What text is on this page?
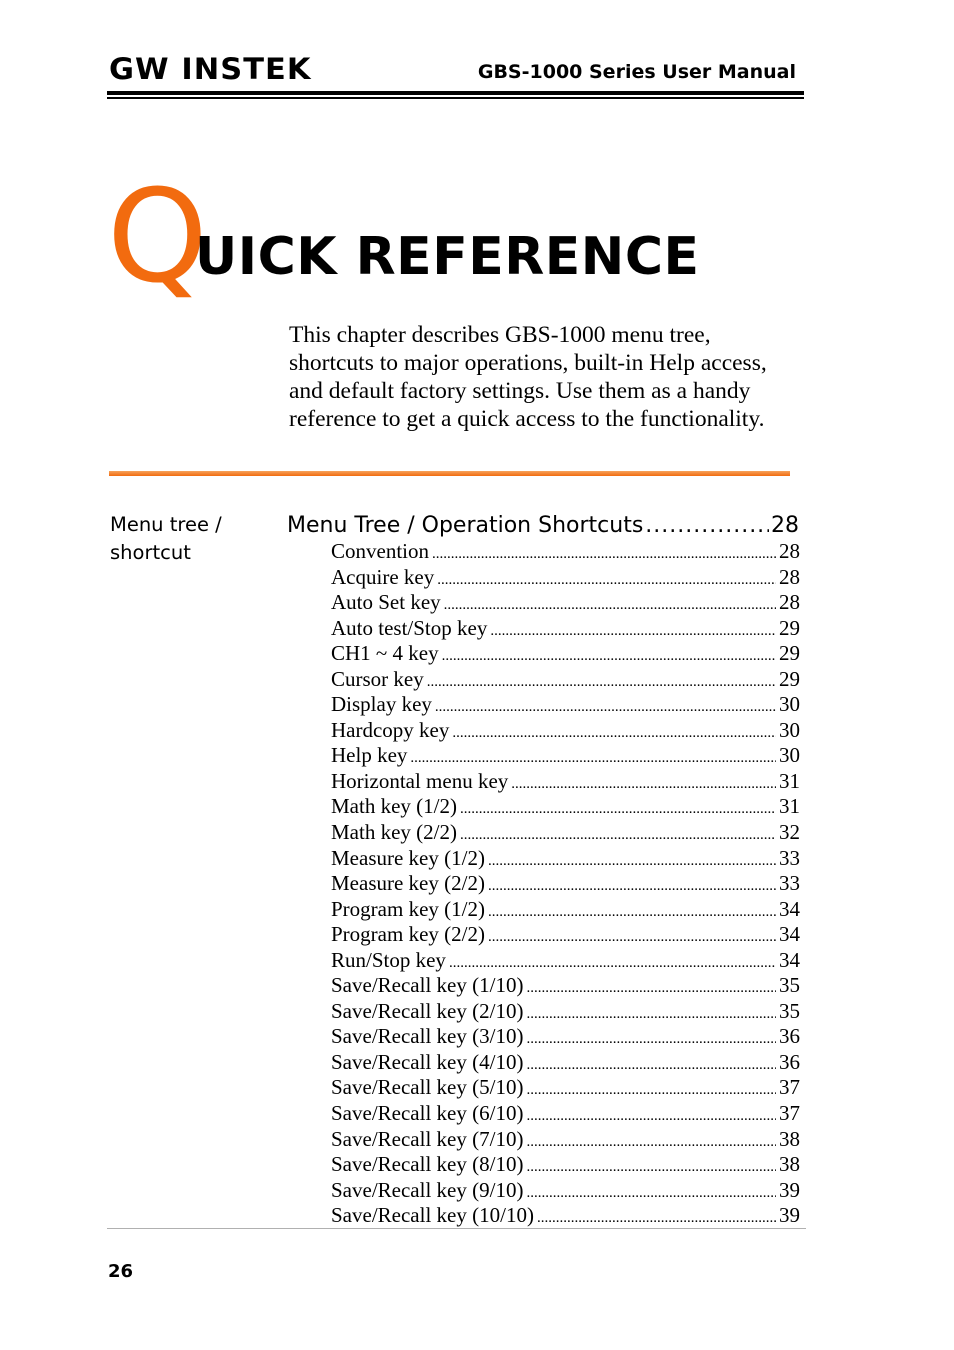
GW INSTEK	GBS-1000 Series User Manual
Q
UICK REFERENCE
This chapter describes GBS-1000 menu tree, shortcuts to major operations, built-in Help access, and default factory settings. Use them as a handy reference to get a quick access to the functionality.
Menu tree / shortcut
Menu Tree / Operation Shortcuts .....	28
Convention .....	28
Acquire key .....	28
Auto Set key .....	28
Auto test/Stop key .....	29
CH1 ~ 4 key .....	29
Cursor key .....	29
Display key .....	30
Hardcopy key .....	30
Help key .....	30
Horizontal menu key .....	31
Math key (1/2) .....	31
Math key (2/2) .....	32
Measure key (1/2) .....	33
Measure key (2/2) .....	33
Program key (1/2) .....	34
Program key (2/2) .....	34
Run/Stop key .....	34
Save/Recall key (1/10) .....	35
Save/Recall key (2/10) .....	35
Save/Recall key (3/10) .....	36
Save/Recall key (4/10) .....	36
Save/Recall key (5/10) .....	37
Save/Recall key (6/10) .....	37
Save/Recall key (7/10) .....	38
Save/Recall key (8/10) .....	38
Save/Recall key (9/10) .....	39
Save/Recall key (10/10) .....	39
26
